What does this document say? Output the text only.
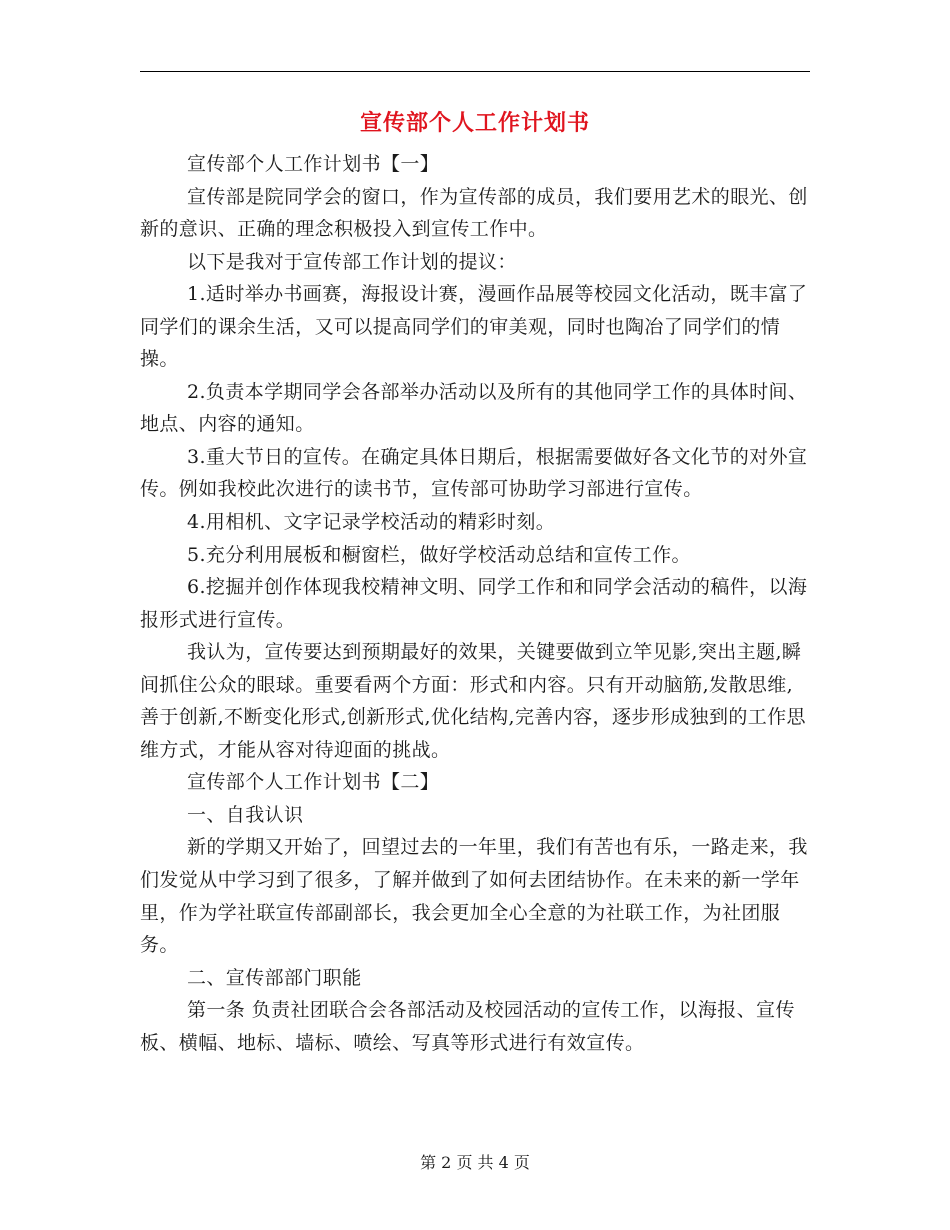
宣传部个人工作计划书

宣传部个人工作计划书【一】

宣传部是院同学会的窗口，作为宣传部的成员，我们要用艺术的眼光、创新的意识、正确的理念积极投入到宣传工作中。

以下是我对于宣传部工作计划的提议：

1.适时举办书画赛，海报设计赛，漫画作品展等校园文化活动，既丰富了同学们的课余生活，又可以提高同学们的审美观，同时也陶冶了同学们的情操。

2.负责本学期同学会各部举办活动以及所有的其他同学工作的具体时间、地点、内容的通知。

3.重大节日的宣传。在确定具体日期后，根据需要做好各文化节的对外宣传。例如我校此次进行的读书节，宣传部可协助学习部进行宣传。

4.用相机、文字记录学校活动的精彩时刻。

5.充分利用展板和橱窗栏，做好学校活动总结和宣传工作。

6.挖掘并创作体现我校精神文明、同学工作和和同学会活动的稿件，以海报形式进行宣传。

我认为，宣传要达到预期最好的效果，关键要做到立竿见影,突出主题,瞬间抓住公众的眼球。重要看两个方面：形式和内容。只有开动脑筋,发散思维,善于创新,不断变化形式,创新形式,优化结构,完善内容，逐步形成独到的工作思维方式，才能从容对待迎面的挑战。

宣传部个人工作计划书【二】

一、自我认识

新的学期又开始了，回望过去的一年里，我们有苦也有乐，一路走来，我们发觉从中学习到了很多，了解并做到了如何去团结协作。在未来的新一学年里，作为学社联宣传部副部长，我会更加全心全意的为社联工作，为社团服务。

二、宣传部部门职能

第一条 负责社团联合会各部活动及校园活动的宣传工作，以海报、宣传板、横幅、地标、墙标、喷绘、写真等形式进行有效宣传。

第 2 页 共 4 页
